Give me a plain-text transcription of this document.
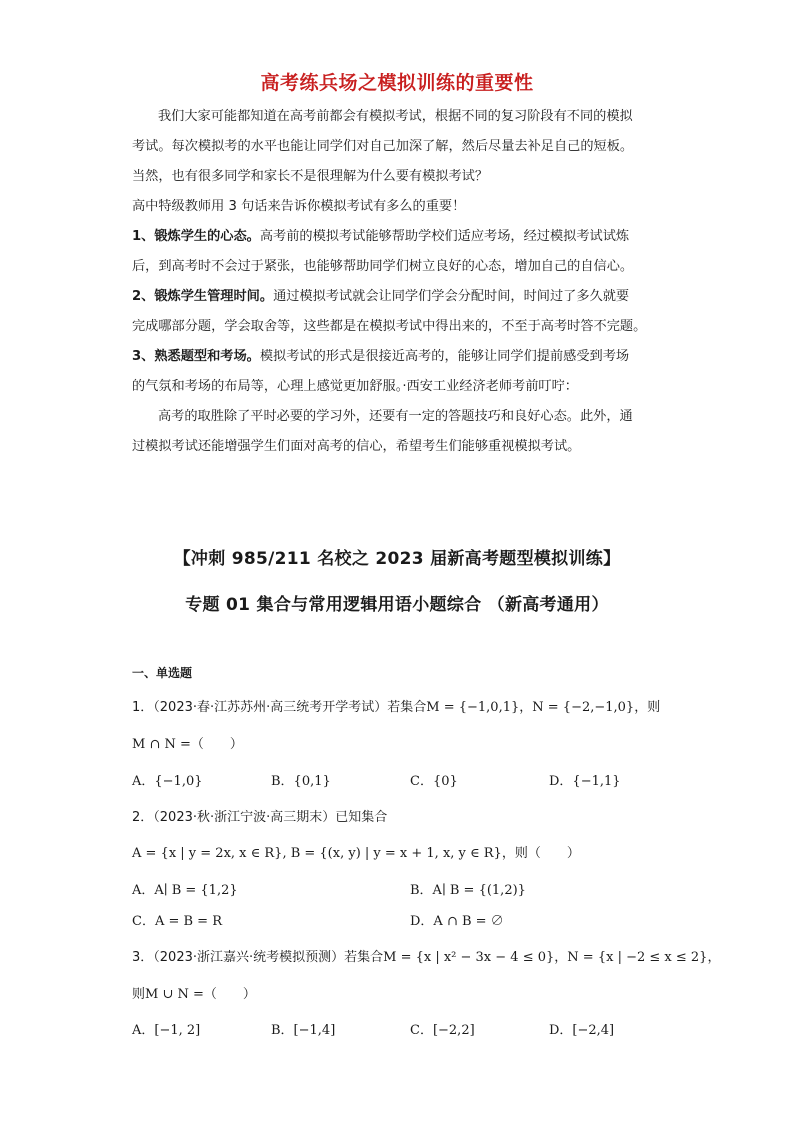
高考练兵场之模拟训练的重要性
我们大家可能都知道在高考前都会有模拟考试，根据不同的复习阶段有不同的模拟
考试。每次模拟考的水平也能让同学们对自己加深了解，然后尽量去补足自己的短板。
当然，也有很多同学和家长不是很理解为什么要有模拟考试？
高中特级教师用 3 句话来告诉你模拟考试有多么的重要！
1、锻炼学生的心态。高考前的模拟考试能够帮助学校们适应考场，经过模拟考试试炼
后，到高考时不会过于紧张，也能够帮助同学们树立良好的心态，增加自己的自信心。
2、锻炼学生管理时间。通过模拟考试就会让同学们学会分配时间，时间过了多久就要
完成哪部分题，学会取舍等，这些都是在模拟考试中得出来的，不至于高考时答不完题。
3、熟悉题型和考场。模拟考试的形式是很接近高考的，能够让同学们提前感受到考场
的气氛和考场的布局等，心理上感觉更加舒服。·西安工业经济老师考前叮咛：
高考的取胜除了平时必要的学习外，还要有一定的答题技巧和良好心态。此外，通
过模拟考试还能增强学生们面对高考的信心，希望考生们能够重视模拟考试。
【冲刺 985/211 名校之 2023 届新高考题型模拟训练】
专题 01 集合与常用逻辑用语小题综合 （新高考通用）
一、单选题
1．（2023·春·江苏苏州·高三统考开学考试）若集合M = {−1,0,1}，N = {−2,−1,0}，则
M ∩ N =（　　）
A．{−1,0}	B．{0,1}	C．{0}	D．{−1,1}
2．（2023·秋·浙江宁波·高三期末）已知集合
A = {x | y = 2x, x ∈ R}, B = {(x, y) | y = x + 1, x, y ∈ R}，则（　　）
A．A∣ B = {1,2}	B．A∣ B = {(1,2)}
C．A = B = R	D．A ∩ B = ∅
3．（2023·浙江嘉兴·统考模拟预测）若集合M = {x | x² − 3x − 4 ≤ 0}，N = {x | −2 ≤ x ≤ 2}，
则M ∪ N =（　　）
A．[−1, 2]	B．[−1,4]	C．[−2,2]	D．[−2,4]
